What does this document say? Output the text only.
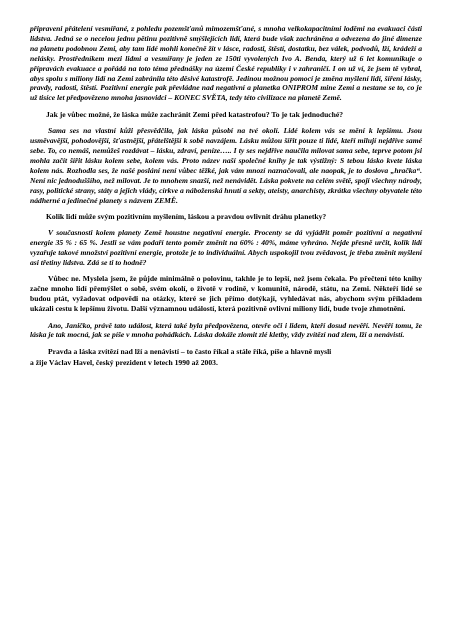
připraveni přátelení vesmířané, z pohledu pozemšťanů mimozemšťané, s mnoha velkokapacitními loděmi na evakuaci části lidstva. Jedná se o necelou jednu pětinu pozitivně smýšlejících lidí, která bude však zachráněna a odvezena do jiné dimenze na planetu podobnou Zemi, aby tam lidé mohli konečně žít v lásce, radosti, štěstí, dostatku, bez válek, podvodů, lží, krádeží a nelásky. Prostředníkem mezi lidmi a vesmířany je jeden ze 150ti vyvolených Ivo A. Benda, který už 6 let komunikuje o přípravách evakuace a pořádá na toto téma přednášky na území České republiky i v zahraničí. I on už ví, že jsem tě vybral, abys spolu s miliony lidí na Zemi zabránila této děsivé katastrofě. Jedinou možnou pomocí je změna myšlení lidí, šíření lásky, pravdy, radosti, štěstí. Pozitivní energie pak převládne nad negativní a planetka ONIPROM mine Zemi a nestane se to, co je už tisíce let předpovězeno mnoha jasnovidci – KONEC SVĚTA, tedy této civilizace na planetě Země.

Jak je vůbec možné, že láska může zachránit Zemi před katastrofou? To je tak jednoduché?

Sama ses na vlastní kůži přesvědčila, jak láska působí na tvé okolí. Lidé kolem vás se mění k lepšímu. Jsou usměvavější, pohodovější, šťastnější, přátelštější k sobě navzájem. Lásku můžou šířit pouze ti lidé, kteří milují nejdříve samé sebe. To, co nemáš, nemůžeš rozdávat – lásku, zdraví, peníze….. I ty ses nejdříve naučila milovat sama sebe, teprve potom jsi mohla začít šířit lásku kolem sebe, kolem vás. Proto název naší společné knihy je tak výstižný: S tebou lásko kvete láska kolem nás. Rozhodla ses, že našé poslání není vůbec těžké, jak vám mnozí naznačovali, ale naopak, je to dosłova „hračka“. Není nic jednoduššího, než milovat. Je to mnohem snazší, než nenávidět. Láska pokvete na celém světě, spojí všechny národy, rasy, politické strany, státy a jejich vlády, církve a náboženská hnutí a sekty, ateisty, anarchisty, zkrátka všechny obyvatele této nádherné a jedinečné planety s názvem ZEMĚ.

Kolik lidí může svým pozitivním myšlením, láskou a pravdou ovlivnit dráhu planetky?

V současnosti kolem planety Země houstne negativní energie. Procenty se dá vyjádřit poměr pozitivní a negativní energie 35 % : 65 %. Jestli se vám podaří tento poměr změnit na 60% : 40%, máme vyhráno. Nejde přesně určit, kolik lidí vyzařuje takové množství pozitivní energie, protože je to individuální. Abych uspokojil tvou zvědavost, je třeba změnit myšlení asi třetiny lidstva. Zdá se ti to hodně?

Vůbec ne. Myslela jsem, že půjde minimálně o polovinu, takhle je to lepší, než jsem čekala. Po přečtení této knihy začne mnoho lidí přemýšlet o sobě, svém okolí, o životě v rodině, v komunitě, národě, státu, na Zemi. Někteří lidé se budou ptát, vyžadovat odpovědi na otázky, které se jich přímo dotýkají, vyhledávat nás, abychom svým příkladem ukázali cestu k lepšímu životu. Další významnou událostí, která pozitivně ovlivní miliony lidí, bude tvoje zhmotnění.

Ano, Janičko, právě tato událost, která také byla předpovězena, otevře oči i lidem, kteří dosud nevěří. Nevěří tomu, že láska je tak mocná, jak se píše v mnoha pohádkách. Láska dokáže zlomit zlé kletby, vždy zvítězí nad zlem, lží a nenávistí.

Pravda a láska zvítězí nad lží a nenávistí – to často říkal a stále říká, píše a hlavně mysli

a žije Václav Havel, český prezident v letech 1990 až 2003.
